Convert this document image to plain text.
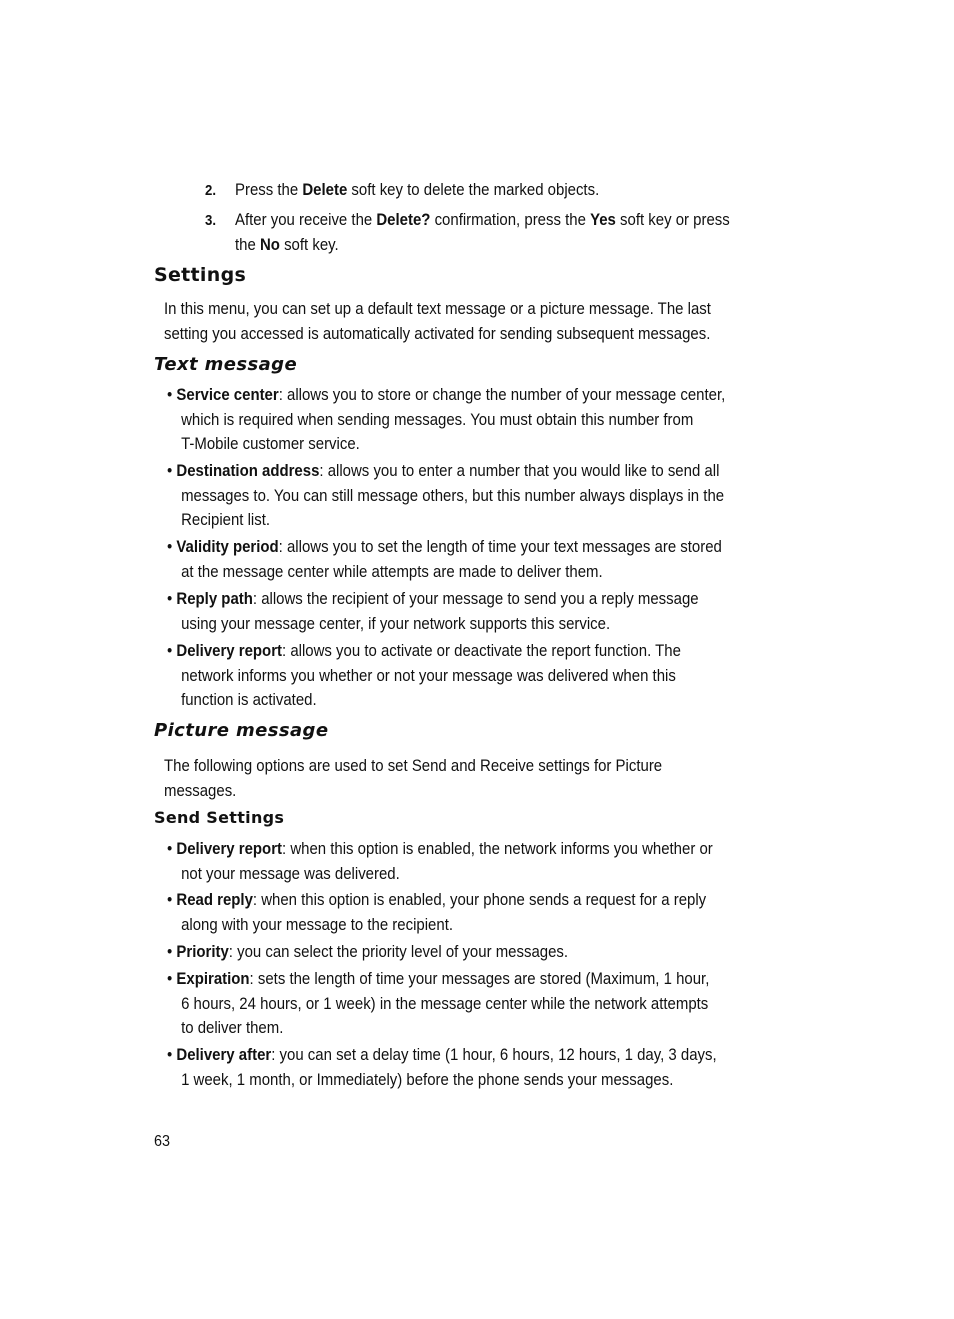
2. Press the Delete soft key to delete the marked objects.
3. After you receive the Delete? confirmation, press the Yes soft key or press
the No soft key.
Settings
In this menu, you can set up a default text message or a picture message. The last
setting you accessed is automatically activated for sending subsequent messages.
Text message
• Service center: allows you to store or change the number of your message center,
which is required when sending messages. You must obtain this number from
T-Mobile customer service.
• Destination address: allows you to enter a number that you would like to send all
messages to. You can still message others, but this number always displays in the
Recipient list.
• Validity period: allows you to set the length of time your text messages are stored
at the message center while attempts are made to deliver them.
• Reply path: allows the recipient of your message to send you a reply message
using your message center, if your network supports this service.
• Delivery report: allows you to activate or deactivate the report function. The
network informs you whether or not your message was delivered when this
function is activated.
Picture message
The following options are used to set Send and Receive settings for Picture
messages.
Send Settings
• Delivery report: when this option is enabled, the network informs you whether or
not your message was delivered.
• Read reply: when this option is enabled, your phone sends a request for a reply
along with your message to the recipient.
• Priority: you can select the priority level of your messages.
• Expiration: sets the length of time your messages are stored (Maximum, 1 hour,
6 hours, 24 hours, or 1 week) in the message center while the network attempts
to deliver them.
• Delivery after: you can set a delay time (1 hour, 6 hours, 12 hours, 1 day, 3 days,
1 week, 1 month, or Immediately) before the phone sends your messages.
63
